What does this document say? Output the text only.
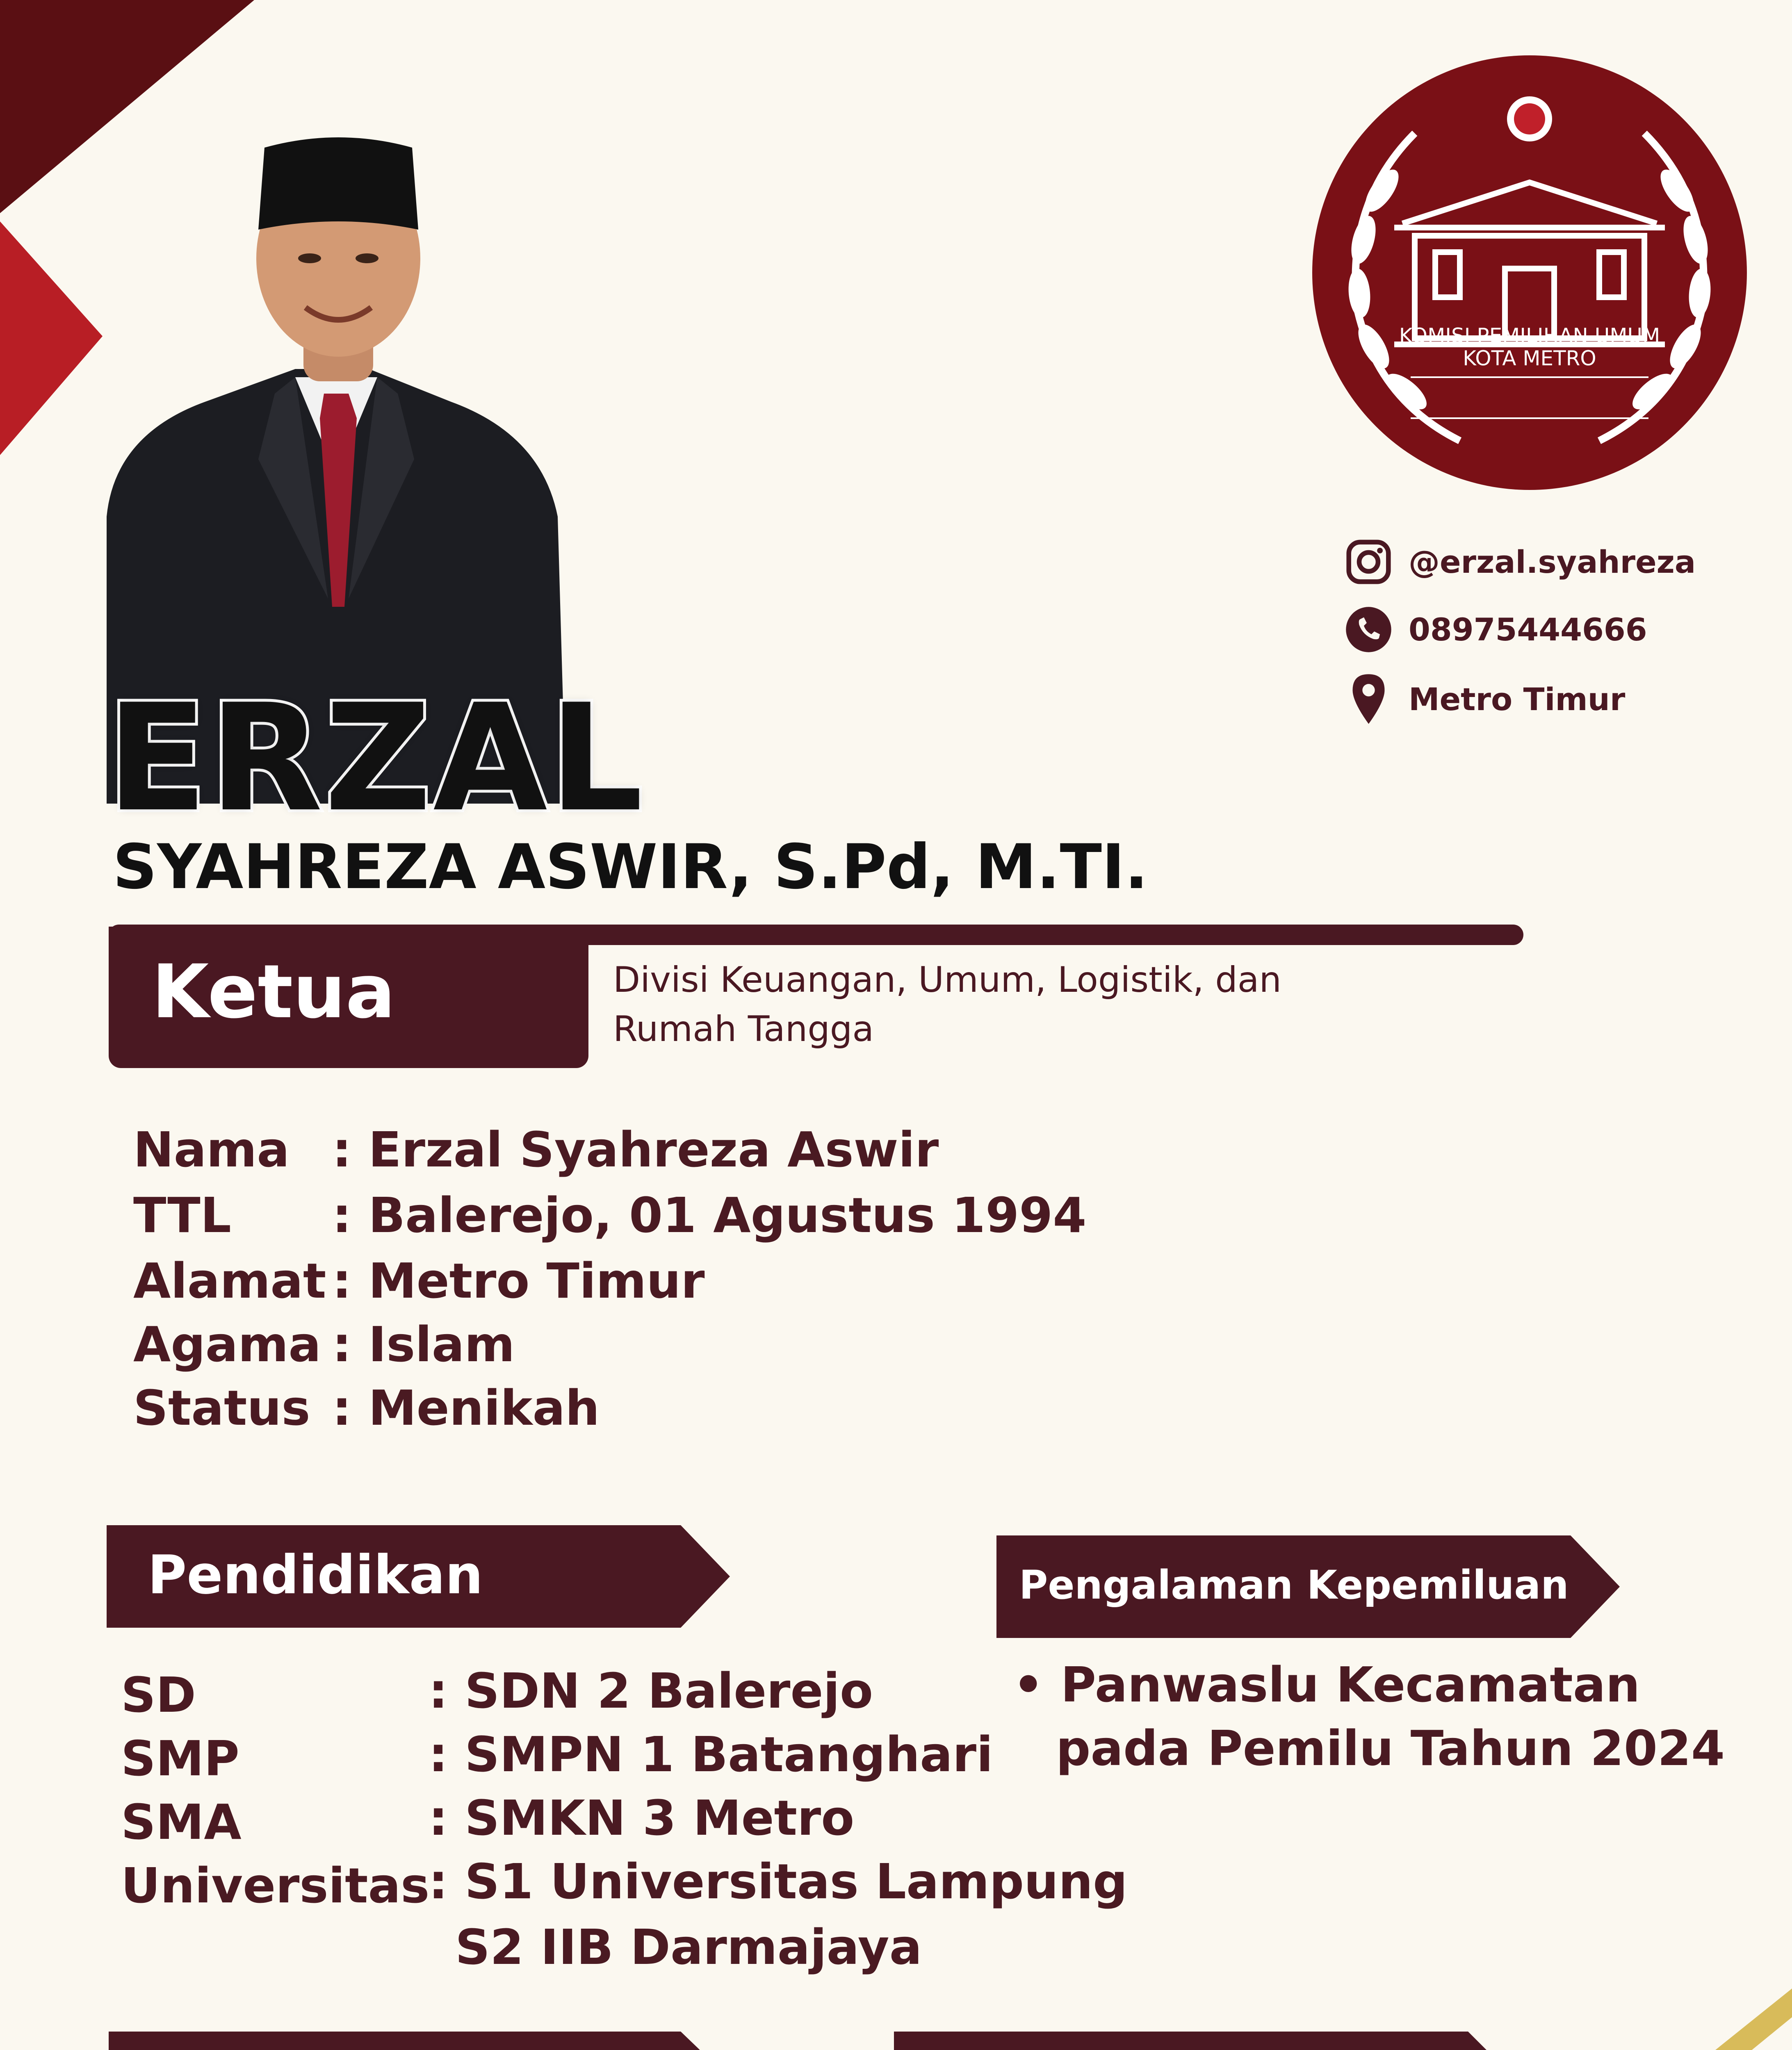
KOMISI PEMILIHAN UMUM
KOTA METRO
@erzal.syahreza
08975444666
Metro Timur
ERZAL
SYAHREZA ASWIR, S.Pd, M.TI.
Ketua	Divisi Keuangan, Umum, Logistik, dan
Rumah Tangga
Nama : Erzal Syahreza Aswir
TTL : Balerejo, 01 Agustus 1994
Alamat : Metro Timur
Agama : Islam
Status : Menikah
Pendidikan
SD	: SDN 2 Balerejo
SMP	: SMPN 1 Batanghari
SMA	: SMKN 3 Metro
Universitas
: S1 Universitas Lampung
S2 IIB Darmajaya
Pengalaman Kepemiluan
• Panwaslu Kecamatan
pada Pemilu Tahun 2024
